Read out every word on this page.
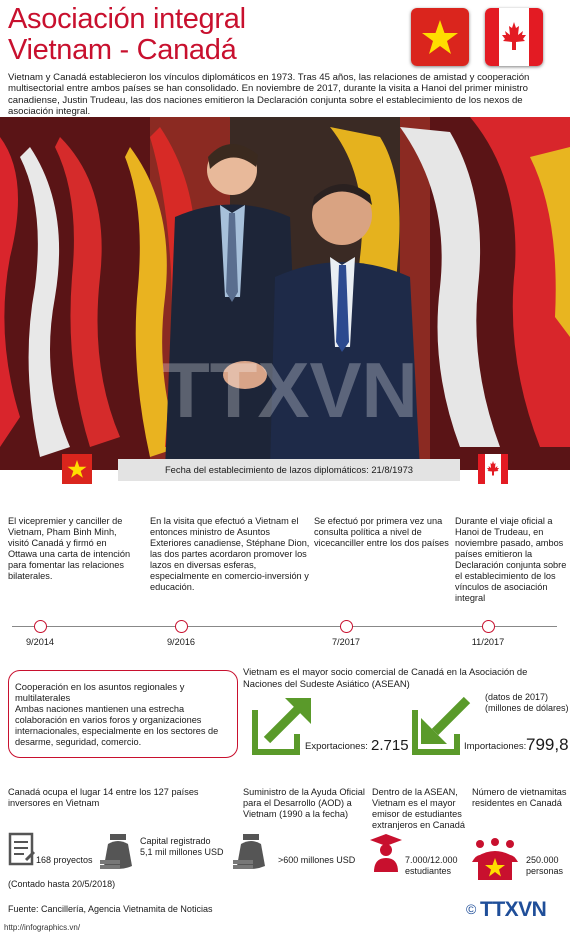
Asociación integral
Vietnam - Canadá
Vietnam y Canadá establecieron los vínculos diplomáticos en 1973. Tras 45 años, las relaciones de amistad y cooperación multisectorial entre ambos países se han consolidado. En noviembre de 2017, durante la visita a Hanoi del primer ministro canadiense, Justin Trudeau, las dos naciones emitieron la Declaración conjunta sobre el establecimiento de los nexos de asociación integral.
TTXVN
Fecha del establecimiento de lazos diplomáticos: 21/8/1973
El vicepremier y canciller de Vietnam, Pham Binh Minh, visitó Canadá y firmó en Ottawa una carta de intención para fomentar las relaciones bilaterales.
En la visita que efectuó a Vietnam el entonces ministro de Asuntos Exteriores canadiense, Stéphane Dion, las dos partes acordaron promover los lazos en diversas esferas, especialmente en comercio-inversión y educación.
Se efectuó por primera vez una consulta política a nivel de vicecanciller entre los dos países
Durante el viaje oficial a Hanoi de Trudeau, en noviembre pasado, ambos países emitieron la Declaración conjunta sobre el establecimiento de los vínculos de asociación integral
9/2014	9/2016	7/2017	11/2017
Cooperación en los asuntos regionales y multilaterales
Ambas naciones mantienen una estrecha colaboración en varios foros y organizaciones internacionales, especialmente en los sectores de desarme, seguridad, comercio.
Vietnam es el mayor socio comercial de Canadá en la Asociación de Naciones del Sudeste Asiático (ASEAN)
(datos de 2017)
(millones de dólares)
Exportaciones: 2.715	Importaciones: 799,8
Canadá ocupa el lugar 14 entre los 127 países inversores en Vietnam
168 proyectos
Capital registrado
5,1 mil millones USD
(Contado hasta 20/5/2018)
Suministro de la Ayuda Oficial para el Desarrollo (AOD) a Vietnam (1990 a la fecha)
>600 millones USD
Dentro de la ASEAN, Vietnam es el mayor emisor de estudiantes extranjeros en Canadá
7.000/12.000
estudiantes
Número de vietnamitas residentes en Canadá
250.000
personas
Fuente: Cancillería, Agencia Vietnamita de Noticias
http://infographics.vn/
© TTXVN
